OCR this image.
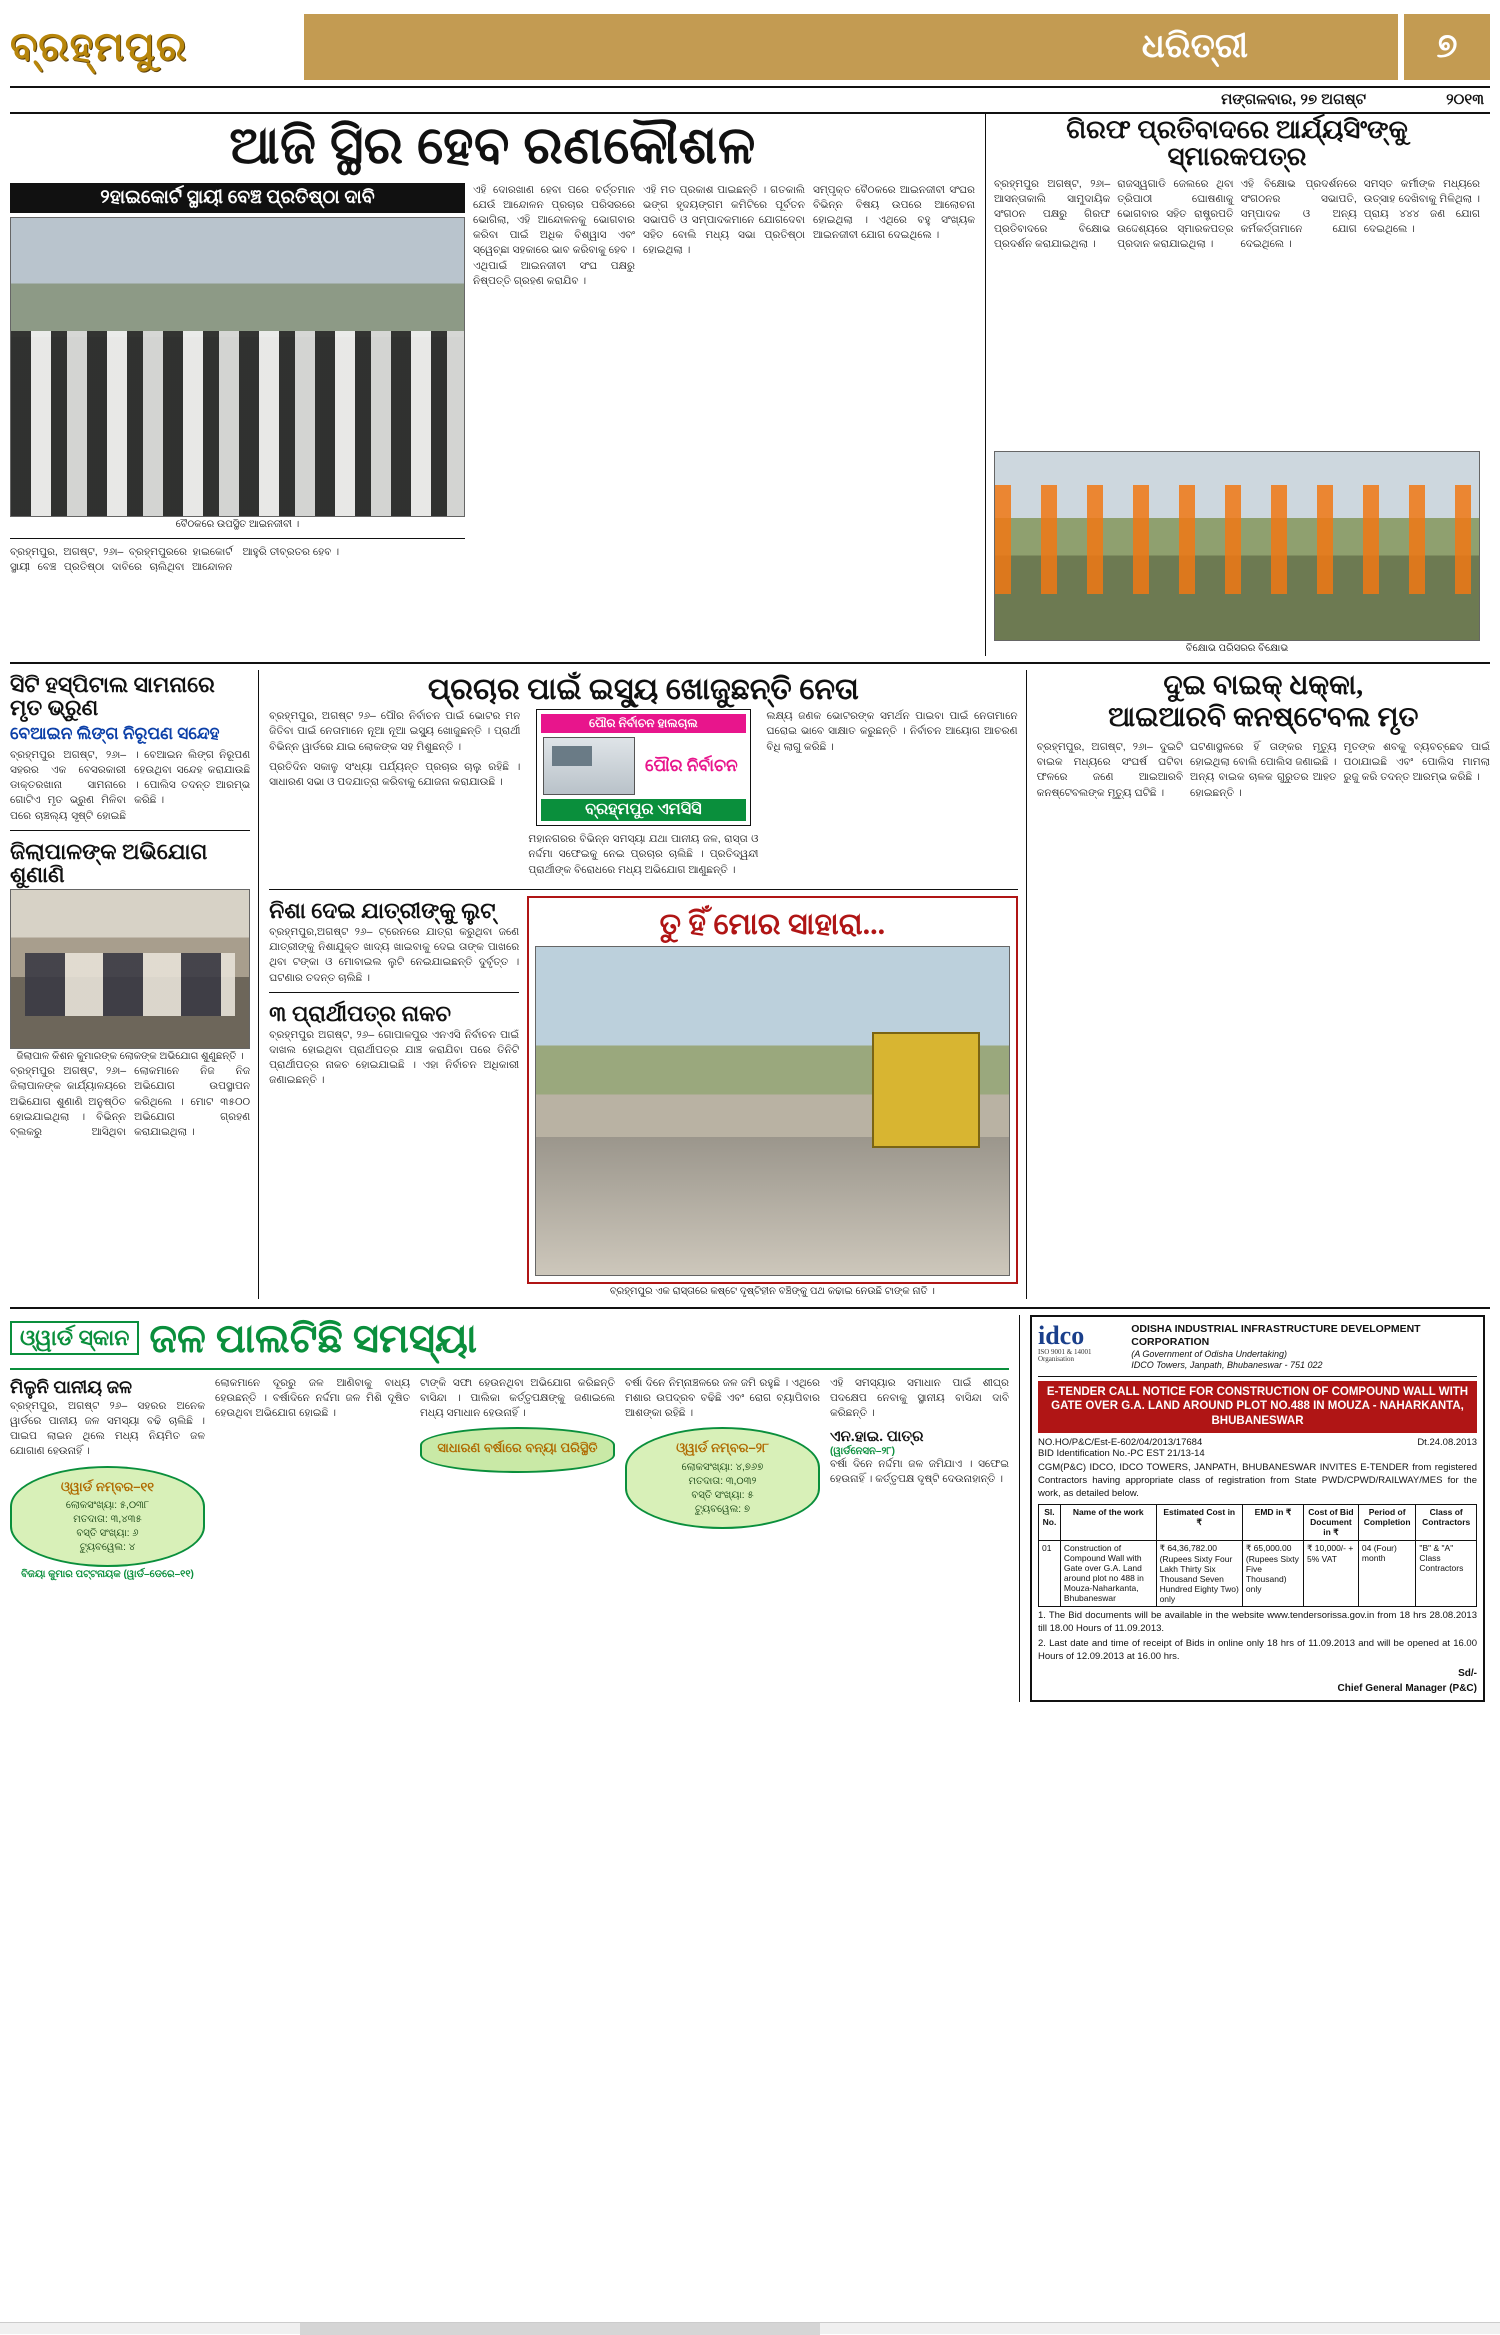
ବ୍ରହ୍ମପୁର	ଧରିତ୍ରୀ	୭
ମଙ୍ଗଳବାର, ୨୭ ଅଗଷ୍ଟ	୨୦୧୩
ଆଜି ସ୍ଥିର ହେବ ରଣକୌଶଳ
୨ହାଇକୋର୍ଟ ସ୍ଥାୟୀ ବେଞ୍ଚ ପ୍ରତିଷ୍ଠା ଦାବି
ବୈଠକରେ ଉପସ୍ଥିତ ଆଇନଜୀବୀ ।

ବ୍ରହ୍ମପୁର, ଅଗଷ୍ଟ, ୨୬ା– ବ୍ରହ୍ମପୁରରେ ହାଇକୋର୍ଟ ସ୍ଥାୟୀ ବେଞ୍ଚ ପ୍ରତିଷ୍ଠା ଦାବିରେ ଚାଲିଥିବା ଆନ୍ଦୋଳନ ଆହୁରି ତୀବ୍ରତର ହେବ ।

ଏହି ଦୋରଖାଣ ହେବା ପରେ ବର୍ତ୍ତମାନ ଯେଉଁ ଆନ୍ଦୋଳନ ପ୍ରଚାର ପରିସରରେ ଭୋଗିଲା, ଏହି ଆନ୍ଦୋଳନକୁ ଭୋଗବାର କରିବା ପାଇଁ ଅଧିକ ବିଶ୍ୱାସ ଏବଂ ସ୍ୱେଚ୍ଛା ସହକାରେ ଭାବ କରିବାକୁ ହେବ । ଏଥିପାଇଁ ଆଇନଜୀବୀ ସଂଘ ପକ୍ଷରୁ ନିଷ୍ପତ୍ତି ଗ୍ରହଣ କରାଯିବ ।

ଏହି ମତ ପ୍ରକାଶ ପାଇଛନ୍ତି । ଗତକାଲି ଭଙ୍ଗ ହୃଦୟଙ୍ଗମ କମିଟିରେ ପୂର୍ବତନ ସଭାପତି ଓ ସମ୍ପାଦକମାନେ ଯୋଗଦେବା ସହିତ ବୋଲି ମଧ୍ୟ ସଭା ପ୍ରତିଷ୍ଠା ହୋଇଥିଲା ।

ସମ୍ପୃକ୍ତ ବୈଠକରେ ଆଇନଜୀବୀ ସଂଘର ବିଭିନ୍ନ ବିଷୟ ଉପରେ ଆଲୋଚନା ହୋଇଥିଲା । ଏଥିରେ ବହୁ ସଂଖ୍ୟକ ଆଇନଜୀବୀ ଯୋଗ ଦେଇଥିଲେ ।

ଗିରଫ ପ୍ରତିବାଦରେ ଆର୍ଯ୍ୟସିଂଙ୍କୁ ସ୍ମାରକପତ୍ର

ବ୍ରହ୍ମପୁର ଅଗଷ୍ଟ, ୨୬ା– ଆସନ୍ତାକାଲି ସାମୁଦାୟିକ ସଂଗଠନ ପକ୍ଷରୁ ଗିରଫ ପ୍ରତିବାଦରେ ବିକ୍ଷୋଭ ପ୍ରଦର୍ଶନ କରାଯାଇଥିଲା ।

ରାଜସ୍ୱଗାଡି ଜେଲରେ ଥିବା ତ୍ରିପାଠୀ ଘୋଷଣାକୁ ଭୋଗବାର ସହିତ ରାଷ୍ଟ୍ରପତି ଉଦ୍ଦେଶ୍ୟରେ ସ୍ମାରକପତ୍ର ପ୍ରଦାନ କରାଯାଇଥିଲା ।

ଏହି ବିକ୍ଷୋଭ ପ୍ରଦର୍ଶନରେ ସଂଗଠନର ସଭାପତି, ସମ୍ପାଦକ ଓ ଅନ୍ୟ କର୍ମକର୍ତ୍ତାମାନେ ଯୋଗ ଦେଇଥିଲେ ।

ସମସ୍ତ କର୍ମୀଙ୍କ ମଧ୍ୟରେ ଉତ୍ସାହ ଦେଖିବାକୁ ମିଳିଥିଲା । ପ୍ରାୟ ୪୪୪ ଜଣ ଯୋଗ ଦେଇଥିଲେ ।

ବିକ୍ଷୋଭ ପରିସରର ବିକ୍ଷୋଭ
ସିଟି ହସ୍ପିଟାଲ ସାମନାରେ ମୃତ ଭ୍ରୁଣ
ବେଆଇନ ଲିଙ୍ଗ ନିରୂପଣ ସନ୍ଦେହ

ବ୍ରହ୍ମପୁର ଅଗଷ୍ଟ, ୨୬ା– ସହରର ଏକ ବେସରକାରୀ ଡାକ୍ତରଖାନା ସାମନାରେ ଗୋଟିଏ ମୃତ ଭ୍ରୁଣ ମିଳିବା ପରେ ଚାଞ୍ଚଲ୍ୟ ସୃଷ୍ଟି ହୋଇଛି । ବେଆଇନ ଲିଙ୍ଗ ନିରୂପଣ ହେଉଥିବା ସନ୍ଦେହ କରାଯାଉଛି । ପୋଲିସ ତଦନ୍ତ ଆରମ୍ଭ କରିଛି ।

ଜିଲାପାଳଙ୍କ ଅଭିଯୋଗ ଶୁଣାଣି
ଜିଲାପାଳ କିଶନ କୁମାରଙ୍କ ଲୋକଙ୍କ ଅଭିଯୋଗ ଶୁଣୁଛନ୍ତି ।

ବ୍ରହ୍ମପୁର ଅଗଷ୍ଟ, ୨୬ା– ଜିଲାପାଳଙ୍କ କାର୍ଯ୍ୟାଳୟରେ ଅଭିଯୋଗ ଶୁଣାଣି ଅନୁଷ୍ଠିତ ହୋଇଯାଇଥିଲା । ବିଭିନ୍ନ ବ୍ଲକରୁ ଆସିଥିବା ଲୋକମାନେ ନିଜ ନିଜ ଅଭିଯୋଗ ଉପସ୍ଥାପନ କରିଥିଲେ । ମୋଟ ୩୫୦୦ ଅଭିଯୋଗ ଗ୍ରହଣ କରାଯାଇଥିଲା ।

ପ୍ରଚାର ପାଇଁ ଇସ୍ୟୁ ଖୋଜୁଛନ୍ତି ନେତା

ବ୍ରହ୍ମପୁର, ଅଗଷ୍ଟ ୨୬– ପୌର ନିର୍ବାଚନ ପାଇଁ ଭୋଟର ମନ ଜିତିବା ପାଇଁ ନେତାମାନେ ନୂଆ ନୂଆ ଇସ୍ୟୁ ଖୋଜୁଛନ୍ତି । ପ୍ରାର୍ଥୀ ବିଭିନ୍ନ ୱାର୍ଡରେ ଯାଇ ଲୋକଙ୍କ ସହ ମିଶୁଛନ୍ତି ।

ପ୍ରତିଦିନ ସକାଳୁ ସଂଧ୍ୟା ପର୍ଯ୍ୟନ୍ତ ପ୍ରଚାର ଚାଲୁ ରହିଛି । ସାଧାରଣ ସଭା ଓ ପଦଯାତ୍ରା କରିବାକୁ ଯୋଜନା କରାଯାଉଛି ।

ପୌର ନିର୍ବାଚନ ହାଲଚାଲ
ପୌର ନିର୍ବାଚନ
ବ୍ରହ୍ମପୁର ଏମସିସି

ମହାନଗରର ବିଭିନ୍ନ ସମସ୍ୟା ଯଥା ପାନୀୟ ଜଳ, ରାସ୍ତା ଓ ନର୍ଦ୍ଦମା ସଫେଇକୁ ନେଇ ପ୍ରଚାର ଚାଲିଛି । ପ୍ରତିଦ୍ୱନ୍ଦୀ ପ୍ରାର୍ଥୀଙ୍କ ବିରୋଧରେ ମଧ୍ୟ ଅଭିଯୋଗ ଆଣୁଛନ୍ତି ।

ଲକ୍ଷ୍ୟ ଜଣକ ଭୋଟରଙ୍କ ସମର୍ଥନ ପାଇବା ପାଇଁ ନେତାମାନେ ଘରୋଇ ଭାବେ ସାକ୍ଷାତ କରୁଛନ୍ତି । ନିର୍ବାଚନ ଆୟୋଗ ଆଚରଣ ବିଧି ଲାଗୁ କରିଛି ।

ନିଶା ଦେଇ ଯାତ୍ରୀଙ୍କୁ ଲୁଟ୍

ବ୍ରହ୍ମପୁର,ଅଗଷ୍ଟ ୨୬– ଟ୍ରେନରେ ଯାତ୍ରା କରୁଥିବା ଜଣେ ଯାତ୍ରୀଙ୍କୁ ନିଶାଯୁକ୍ତ ଖାଦ୍ୟ ଖାଇବାକୁ ଦେଇ ତାଙ୍କ ପାଖରେ ଥିବା ଟଙ୍କା ଓ ମୋବାଇଲ ଲୁଟି ନେଇଯାଇଛନ୍ତି ଦୁର୍ବୃତ୍ତ । ଘଟଣାର ତଦନ୍ତ ଚାଲିଛି ।

୩ ପ୍ରାର୍ଥୀପତ୍ର ନାକଚ

ବ୍ରହ୍ମପୁର ଅଗଷ୍ଟ, ୨୬– ଗୋପାଳପୁର ଏନଏସି ନିର୍ବାଚନ ପାଇଁ ଦାଖଲ ହୋଇଥିବା ପ୍ରାର୍ଥୀପତ୍ର ଯାଞ୍ଚ କରାଯିବା ପରେ ତିନିଟି ପ୍ରାର୍ଥୀପତ୍ର ନାକଚ ହୋଇଯାଇଛି । ଏହା ନିର୍ବାଚନ ଅଧିକାରୀ ଜଣାଇଛନ୍ତି ।

ତୁ ହିଁ ମୋର ସାହାରା...
ବ୍ରହ୍ମପୁର ଏକ ରାସ୍ତାରେ କଷ୍ଟେ ଦୃଷ୍ଟିହୀନ ବଞ୍ଚିଙ୍କୁ ପଥ କଢାଇ ନେଉଛି ଟାଙ୍କ ନାତି ।
ଦୁଇ ବାଇକ୍ ଧକ୍କା,
ଆଇଆରବି କନଷ୍ଟେବଲ ମୃତ

ବ୍ରହ୍ମପୁର, ଅଗଷ୍ଟ, ୨୬ା– ଦୁଇଟି ବାଇକ ମଧ୍ୟରେ ସଂଘର୍ଷ ଘଟିବା ଫଳରେ ଜଣେ ଆଇଆରବି କନଷ୍ଟେବଲଙ୍କ ମୃତ୍ୟୁ ଘଟିଛି ।

ଘଟଣାସ୍ଥଳରେ ହିଁ ତାଙ୍କର ମୃତ୍ୟୁ ହୋଇଥିଲା ବୋଲି ପୋଲିସ ଜଣାଇଛି । ଅନ୍ୟ ବାଇକ ଚାଳକ ଗୁରୁତର ଆହତ ହୋଇଛନ୍ତି ।

ମୃତଙ୍କ ଶବକୁ ବ୍ୟବଚ୍ଛେଦ ପାଇଁ ପଠାଯାଇଛି ଏବଂ ପୋଲିସ ମାମଲା ରୁଜୁ କରି ତଦନ୍ତ ଆରମ୍ଭ କରିଛି ।

ଓ୍ୱାର୍ଡ ସ୍କାନ ଜଳ ପାଲଟିଛି ସମସ୍ୟା
ମିଳୁନି ପାନୀୟ ଜଳ

ବ୍ରହ୍ମପୁର, ଅଗଷ୍ଟ ୨୬– ସହରର ଅନେକ ୱାର୍ଡରେ ପାନୀୟ ଜଳ ସମସ୍ୟା ବଢି ଚାଲିଛି । ପାଇପ ଲାଇନ ଥିଲେ ମଧ୍ୟ ନିୟମିତ ଜଳ ଯୋଗାଣ ହେଉନାହିଁ ।

ଓ୍ୱାର୍ଡ ନମ୍ବର–୧୧
ଲୋକସଂଖ୍ୟା: ୫,୦୩୮
ମତଦାତା: ୩,୪୩୫
ବସ୍ତି ସଂଖ୍ୟା: ୬
ଟ୍ୟୁବୱେଲ: ୪
ବିଜୟା କୁମାର ପଟ୍ଟନାୟକ (ୱାର୍ଡ–ଡେରେ–୧୧)

ଲୋକମାନେ ଦୂରରୁ ଜଳ ଆଣିବାକୁ ବାଧ୍ୟ ହେଉଛନ୍ତି । ବର୍ଷାଦିନେ ନର୍ଦ୍ଦମା ଜଳ ମିଶି ଦୂଷିତ ହେଉଥିବା ଅଭିଯୋଗ ହୋଇଛି ।

ଟାଙ୍କି ସଫା ହେଉନଥିବା ଅଭିଯୋଗ କରିଛନ୍ତି ବାସିନ୍ଦା । ପାଲିକା କର୍ତ୍ତୃପକ୍ଷଙ୍କୁ ଜଣାଇଲେ ମଧ୍ୟ ସମାଧାନ ହେଉନାହିଁ ।

ସାଧାରଣ ବର୍ଷାରେ ବନ୍ୟା ପରିସ୍ଥିତି

ବର୍ଷା ଦିନେ ନିମ୍ନାଞ୍ଚଳରେ ଜଳ ଜମି ରହୁଛି । ଏଥିରେ ମଶାର ଉପଦ୍ରବ ବଢିଛି ଏବଂ ରୋଗ ବ୍ୟାପିବାର ଆଶଙ୍କା ରହିଛି ।

ଓ୍ୱାର୍ଡ ନମ୍ବର–୨୮
ଲୋକସଂଖ୍ୟା: ୪,୭୬୭
ମତଦାତା: ୩,୦୩୨
ବସ୍ତି ସଂଖ୍ୟା: ୫
ଟ୍ୟୁବୱେଲ: ୭

ଏହି ସମସ୍ୟାର ସମାଧାନ ପାଇଁ ଶୀଘ୍ର ପଦକ୍ଷେପ ନେବାକୁ ସ୍ଥାନୀୟ ବାସିନ୍ଦା ଦାବି କରିଛନ୍ତି ।

ଏନ.ହାଇ. ପାତ୍ର
(ୱାର୍ଡନେସନ–୨୮)

ବର୍ଷା ଦିନେ ନର୍ଦ୍ଦମା ଜଳ ଜମିଯାଏ । ସଫେଇ ହେଉନାହିଁ । କର୍ତ୍ତୃପକ୍ଷ ଦୃଷ୍ଟି ଦେଉନାହାନ୍ତି ।

idco
ISO 9001 & 14001 Organisation
ODISHA INDUSTRIAL INFRASTRUCTURE DEVELOPMENT CORPORATION
(A Government of Odisha Undertaking)
IDCO Towers, Janpath, Bhubaneswar - 751 022
E-TENDER CALL NOTICE FOR CONSTRUCTION OF COMPOUND WALL WITH GATE OVER G.A. LAND AROUND PLOT NO.488 IN MOUZA - NAHARKANTA, BHUBANESWAR
NO.HO/P&C/Est-E-602/04/2013/17684	Dt.24.08.2013
BID Identification No.-PC EST 21/13-14
CGM(P&C) IDCO, IDCO TOWERS, JANPATH, BHUBANESWAR INVITES E-TENDER from registered Contractors having appropriate class of registration from State PWD/CPWD/RAILWAY/MES for the work, as detailed below.
Sl. No.	Name of the work	Estimated Cost in ₹	EMD in ₹	Cost of Bid Document in ₹	Period of Completion	Class of Contractors
01	Construction of Compound Wall with Gate over G.A. Land around plot no 488 in Mouza-Naharkanta, Bhubaneswar	₹ 64,36,782.00 (Rupees Sixty Four Lakh Thirty Six Thousand Seven Hundred Eighty Two) only	₹ 65,000.00 (Rupees Sixty Five Thousand) only	₹ 10,000/- + 5% VAT	04 (Four) month	"B" & "A" Class Contractors
1. The Bid documents will be available in the website www.tendersorissa.gov.in from 18 hrs 28.08.2013 till 18.00 Hours of 11.09.2013.
2. Last date and time of receipt of Bids in online only 18 hrs of 11.09.2013 and will be opened at 16.00 Hours of 12.09.2013 at 16.00 hrs.
Sd/-
Chief General Manager (P&C)
